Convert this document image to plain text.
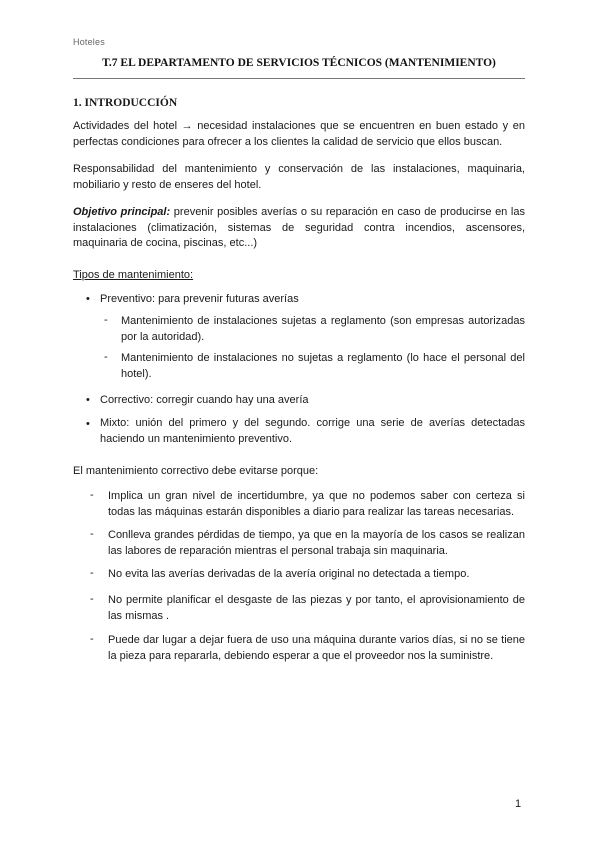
Hoteles
T.7 EL DEPARTAMENTO DE SERVICIOS TÉCNICOS (MANTENIMIENTO)
1. INTRODUCCIÓN
Actividades del hotel → necesidad instalaciones que se encuentren en buen estado y en perfectas condiciones para ofrecer a los clientes la calidad de servicio que ellos buscan.
Responsabilidad del mantenimiento y conservación de las instalaciones, maquinaria, mobiliario y resto de enseres del hotel.
Objetivo principal: prevenir posibles averías o su reparación en caso de producirse en las instalaciones (climatización, sistemas de seguridad contra incendios, ascensores, maquinaria de cocina, piscinas, etc...)
Tipos de mantenimiento:
• Preventivo: para prevenir futuras averías
- Mantenimiento de instalaciones sujetas a reglamento (son empresas autorizadas por la autoridad).
- Mantenimiento de instalaciones no sujetas a reglamento (lo hace el personal del hotel).
• Correctivo: corregir cuando hay una avería
• Mixto: unión del primero y del segundo. corrige una serie de averías detectadas haciendo un mantenimiento preventivo.
El mantenimiento correctivo debe evitarse porque:
- Implica un gran nivel de incertidumbre, ya que no podemos saber con certeza si todas las máquinas estarán disponibles a diario para realizar las tareas necesarias.
- Conlleva grandes pérdidas de tiempo, ya que en la mayoría de los casos se realizan las labores de reparación mientras el personal trabaja sin maquinaria.
- No evita las averías derivadas de la avería original no detectada a tiempo.
- No permite planificar el desgaste de las piezas y por tanto, el aprovisionamiento de las mismas .
- Puede dar lugar a dejar fuera de uso una máquina durante varios días, si no se tiene la pieza para repararla, debiendo esperar a que el proveedor nos la suministre.
1
